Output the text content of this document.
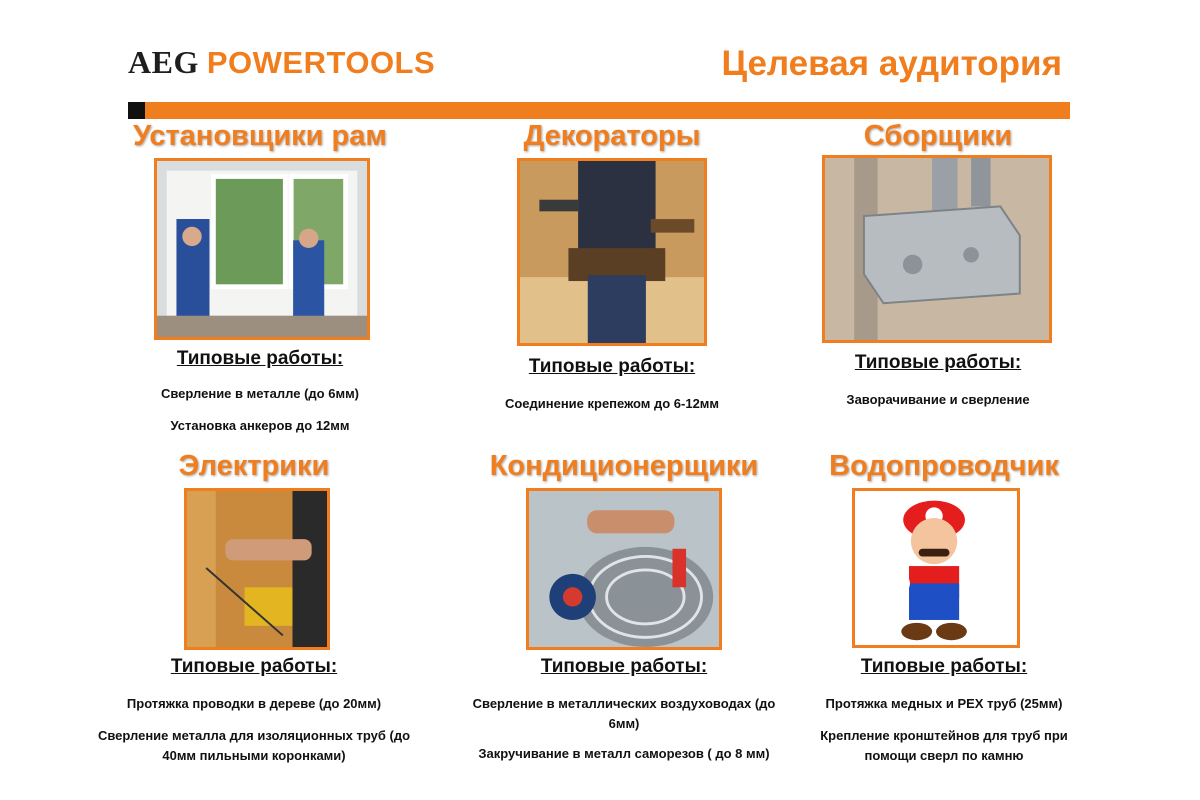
AEG POWERTOOLS	Целевая аудитория
Установщики рам
Типовые работы:
Сверление в металле (до 6мм)
Установка анкеров до 12мм
Декораторы
Типовые работы:
Соединение крепежом до 6-12мм
Сборщики
Типовые работы:
Заворачивание и сверление
Электрики
Типовые работы:
Протяжка проводки в дереве (до 20мм)
Сверление металла для изоляционных труб (до 40мм пильными коронками)
Кондиционерщики
Типовые работы:
Сверление в металлических воздуховодах (до 6мм)
Закручивание в металл саморезов ( до 8 мм)
Водопроводчик
Типовые работы:
Протяжка медных и PEX труб (25мм)
Крепление кронштейнов для труб при помощи сверл по камню
